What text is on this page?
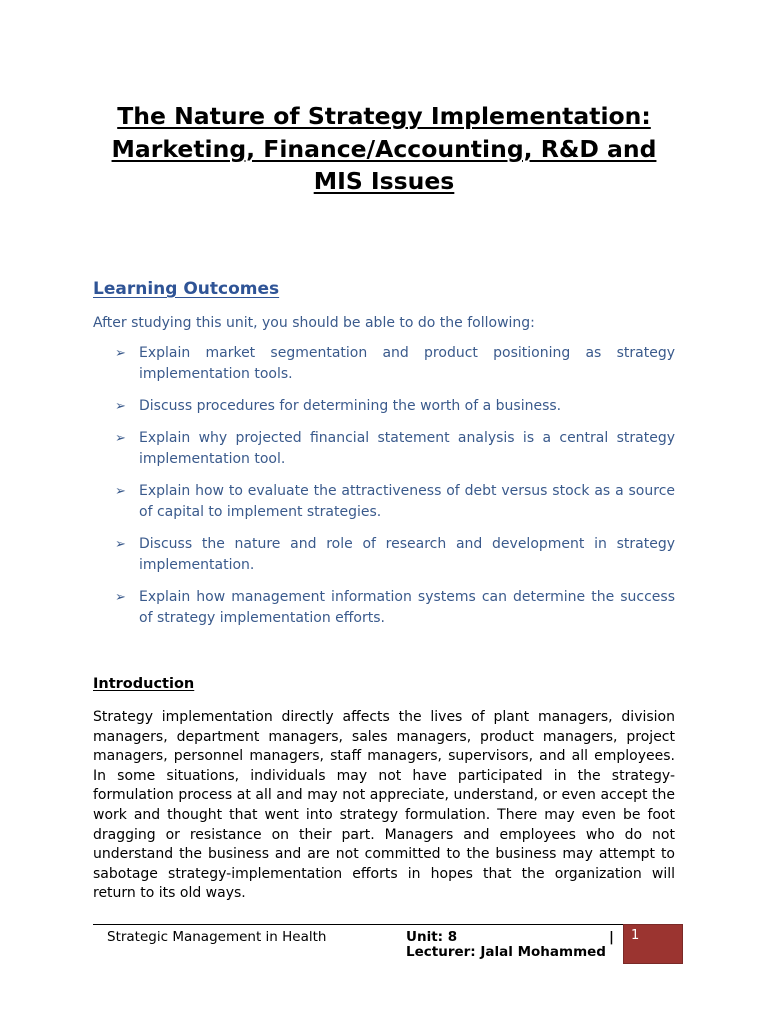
The Nature of Strategy Implementation: Marketing, Finance/Accounting, R&D and MIS Issues
Learning Outcomes

After studying this unit, you should be able to do the following:

➢ Explain market segmentation and product positioning as strategy implementation tools.
➢ Discuss procedures for determining the worth of a business.
➢ Explain why projected financial statement analysis is a central strategy implementation tool.
➢ Explain how to evaluate the attractiveness of debt versus stock as a source of capital to implement strategies.
➢ Discuss the nature and role of research and development in strategy implementation.
➢ Explain how management information systems can determine the success of strategy implementation efforts.
Introduction

Strategy implementation directly affects the lives of plant managers, division managers, department managers, sales managers, product managers, project managers, personnel managers, staff managers, supervisors, and all employees. In some situations, individuals may not have participated in the strategy-formulation process at all and may not appreciate, understand, or even accept the work and thought that went into strategy formulation. There may even be foot dragging or resistance on their part. Managers and employees who do not understand the business and are not committed to the business may attempt to sabotage strategy-implementation efforts in hopes that the organization will return to its old ways.

Strategic Management in Health	Unit: 8	|
Lecturer: Jalal Mohammed
1
